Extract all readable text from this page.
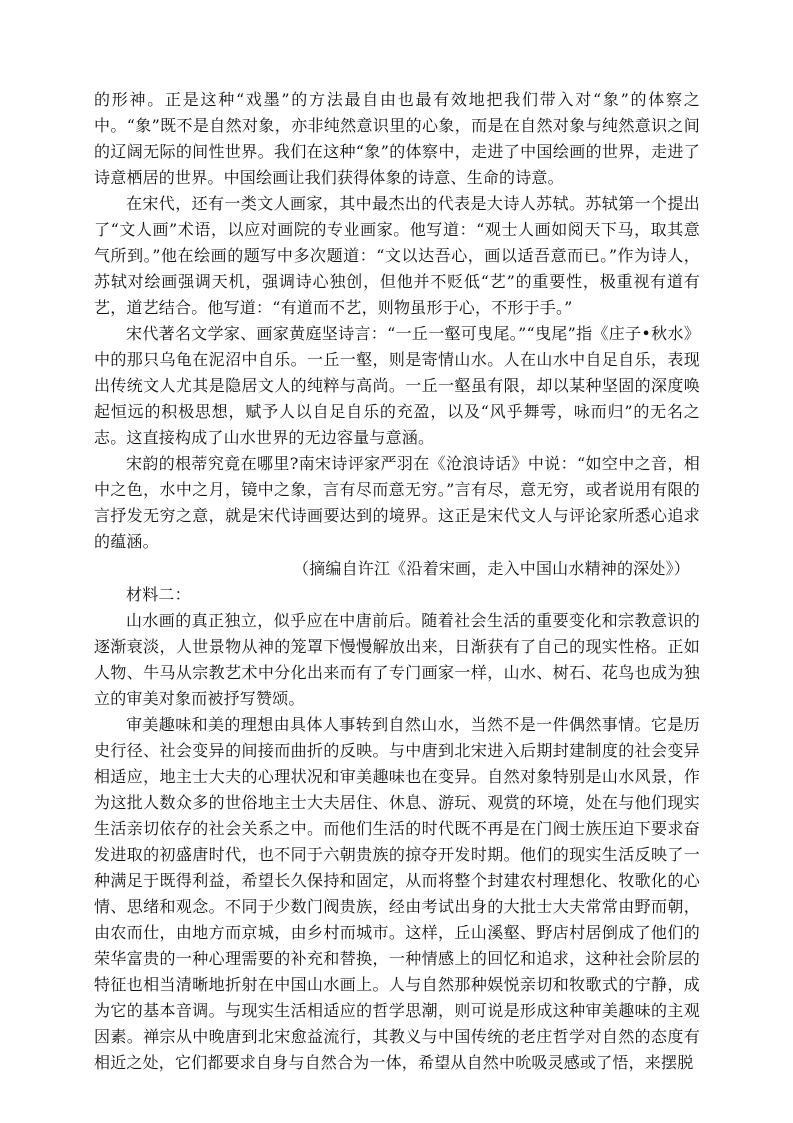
的形神。正是这种“戏墨”的方法最自由也最有效地把我们带入对“象”的体察之中。“象”既不是自然对象，亦非纯然意识里的心象，而是在自然对象与纯然意识之间的辽阔无际的间性世界。我们在这种“象”的体察中，走进了中国绘画的世界，走进了诗意栖居的世界。中国绘画让我们获得体象的诗意、生命的诗意。

在宋代，还有一类文人画家，其中最杰出的代表是大诗人苏轼。苏轼第一个提出了“文人画”术语，以应对画院的专业画家。他写道：“观士人画如阅天下马，取其意气所到。”他在绘画的题写中多次题道：“文以达吾心，画以适吾意而已。”作为诗人，苏轼对绘画强调天机，强调诗心独创，但他并不贬低“艺”的重要性，极重视有道有艺，道艺结合。他写道：“有道而不艺，则物虽形于心，不形于手。”

宋代著名文学家、画家黄庭坚诗言：“一丘一壑可曳尾。”“曳尾”指《庄子•秋水》中的那只乌龟在泥沼中自乐。一丘一壑，则是寄情山水。人在山水中自足自乐，表现出传统文人尤其是隐居文人的纯粹与高尚。一丘一壑虽有限，却以某种坚固的深度唤起恒远的积极思想，赋予人以自足自乐的充盈，以及“风乎舞雩，咏而归”的无名之志。这直接构成了山水世界的无边容量与意涵。

宋韵的根蒂究竟在哪里?南宋诗评家严羽在《沧浪诗话》中说：“如空中之音，相中之色，水中之月，镜中之象，言有尽而意无穷。”言有尽，意无穷，或者说用有限的言抒发无穷之意，就是宋代诗画要达到的境界。这正是宋代文人与评论家所悉心追求的蕴涵。

（摘编自许江《沿着宋画，走入中国山水精神的深处》）

材料二：

山水画的真正独立，似乎应在中唐前后。随着社会生活的重要变化和宗教意识的逐渐衰淡，人世景物从神的笼罩下慢慢解放出来，日渐获有了自己的现实性格。正如人物、牛马从宗教艺术中分化出来而有了专门画家一样，山水、树石、花鸟也成为独立的审美对象而被抒写赞颂。

审美趣味和美的理想由具体人事转到自然山水，当然不是一件偶然事情。它是历史行径、社会变异的间接而曲折的反映。与中唐到北宋进入后期封建制度的社会变异相适应，地主士大夫的心理状况和审美趣味也在变异。自然对象特别是山水风景，作为这批人数众多的世俗地主士大夫居住、休息、游玩、观赏的环境，处在与他们现实生活亲切依存的社会关系之中。而他们生活的时代既不再是在门阀士族压迫下要求奋发进取的初盛唐时代，也不同于六朝贵族的掠夺开发时期。他们的现实生活反映了一种满足于既得利益，希望长久保持和固定，从而将整个封建农村理想化、牧歌化的心情、思绪和观念。不同于少数门阀贵族，经由考试出身的大批士大夫常常由野而朝，由农而仕，由地方而京城，由乡村而城市。这样，丘山溪壑、野店村居倒成了他们的荣华富贵的一种心理需要的补充和替换，一种情感上的回忆和追求，这种社会阶层的特征也相当清晰地折射在中国山水画上。人与自然那种娱悦亲切和牧歌式的宁静，成为它的基本音调。与现实生活相适应的哲学思潮，则可说是形成这种审美趣味的主观因素。禅宗从中晚唐到北宋愈益流行，其教义与中国传统的老庄哲学对自然的态度有相近之处，它们都要求自身与自然合为一体，希望从自然中吮吸灵感或了悟，来摆脱
